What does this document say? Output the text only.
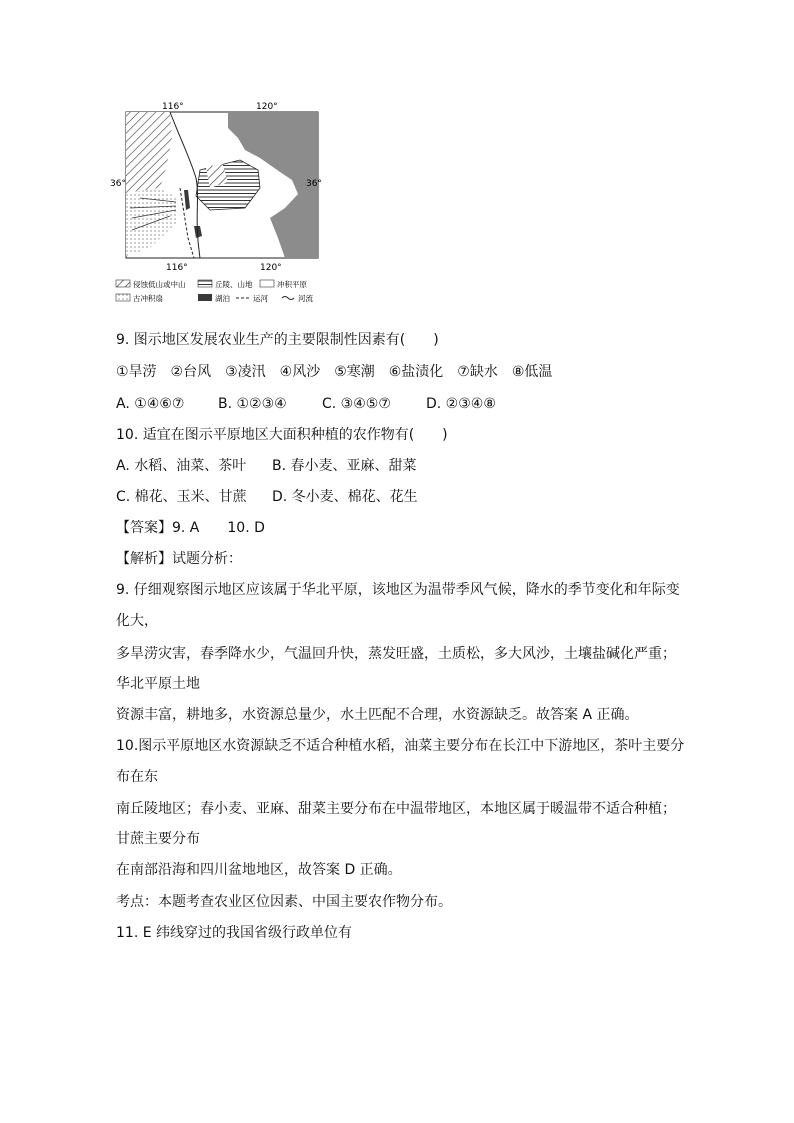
116°	120°
36°	36°
116°	120°
侵蚀低山或中山	丘陵、山地	冲积平原
古冲积扇	湖泊	运河	河流
9. 图示地区发展农业生产的主要限制性因素有(　　)
①旱涝　②台风　③凌汛　④风沙　⑤寒潮　⑥盐渍化　⑦缺水　⑧低温
A. ①④⑥⑦ B. ①②③④	C. ③④⑤⑦	D. ②③④⑧
10. 适宜在图示平原地区大面积种植的农作物有(　　)
A. 水稻、油菜、茶叶 B. 春小麦、亚麻、甜菜
C. 棉花、玉米、甘蔗 D. 冬小麦、棉花、花生
【答案】9. A　　10. D
【解析】试题分析：
9. 仔细观察图示地区应该属于华北平原，该地区为温带季风气候，降水的季节变化和年际变
化大，
多旱涝灾害，春季降水少，气温回升快，蒸发旺盛，土质松，多大风沙，土壤盐碱化严重；
华北平原土地
资源丰富，耕地多，水资源总量少，水土匹配不合理，水资源缺乏。故答案 A 正确。
10.图示平原地区水资源缺乏不适合种植水稻，油菜主要分布在长江中下游地区，茶叶主要分
布在东
南丘陵地区；春小麦、亚麻、甜菜主要分布在中温带地区，本地区属于暖温带不适合种植；
甘蔗主要分布
在南部沿海和四川盆地地区，故答案 D 正确。
考点：本题考查农业区位因素、中国主要农作物分布。
11. E 纬线穿过的我国省级行政单位有
